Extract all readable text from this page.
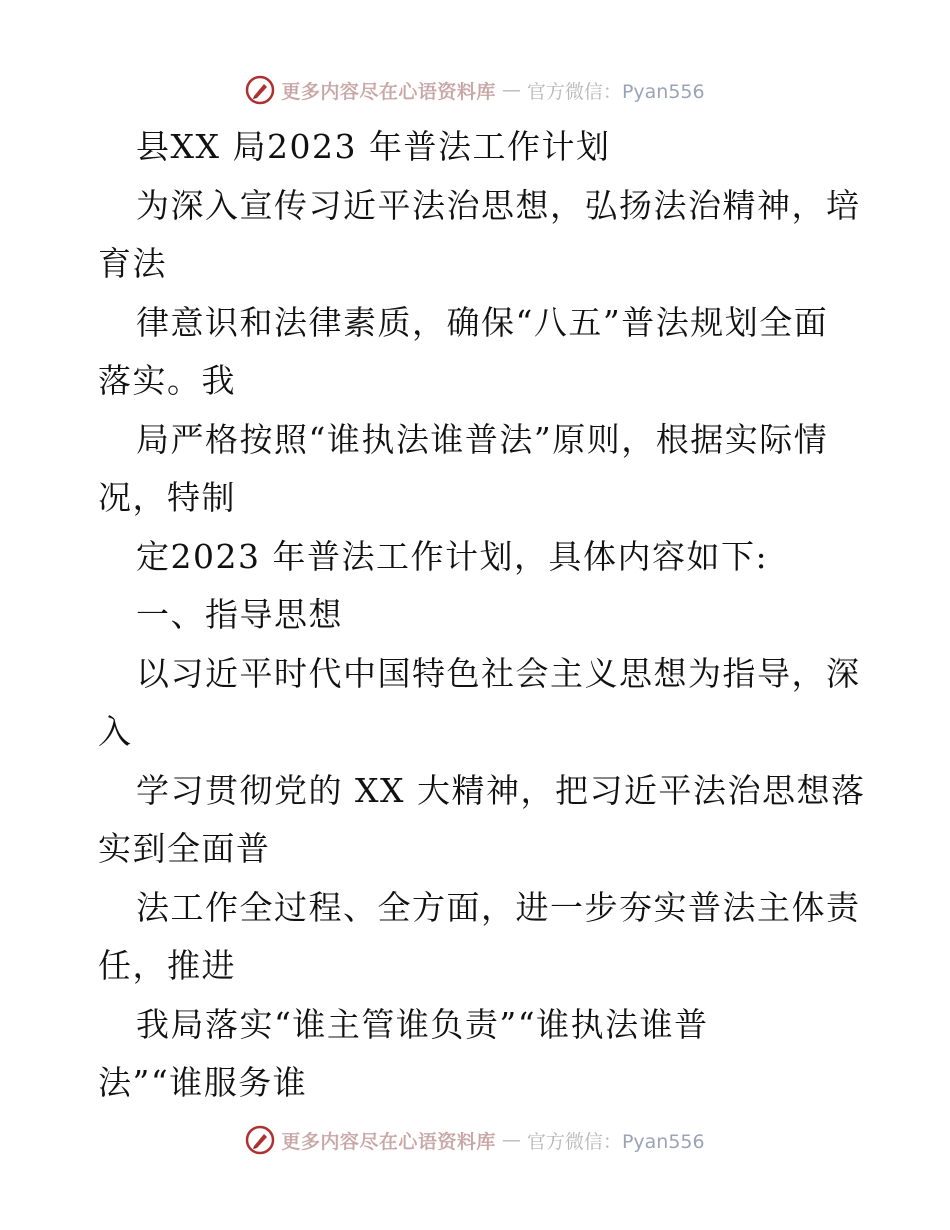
更多内容尽在心语资料库 — 官方微信：Pyan556
县XX 局2023 年普法工作计划
为深入宣传习近平法治思想，弘扬法治精神，培
育法
律意识和法律素质，确保“八五”普法规划全面
落实。我
局严格按照“谁执法谁普法”原则，根据实际情
况，特制
定2023 年普法工作计划，具体内容如下:
一、指导思想
以习近平时代中国特色社会主义思想为指导，深
入
学习贯彻党的 XX 大精神，把习近平法治思想落
实到全面普
法工作全过程、全方面，进一步夯实普法主体责
任，推进
我局落实“谁主管谁负责”“谁执法谁普
法”“谁服务谁
更多内容尽在心语资料库 — 官方微信：Pyan556
